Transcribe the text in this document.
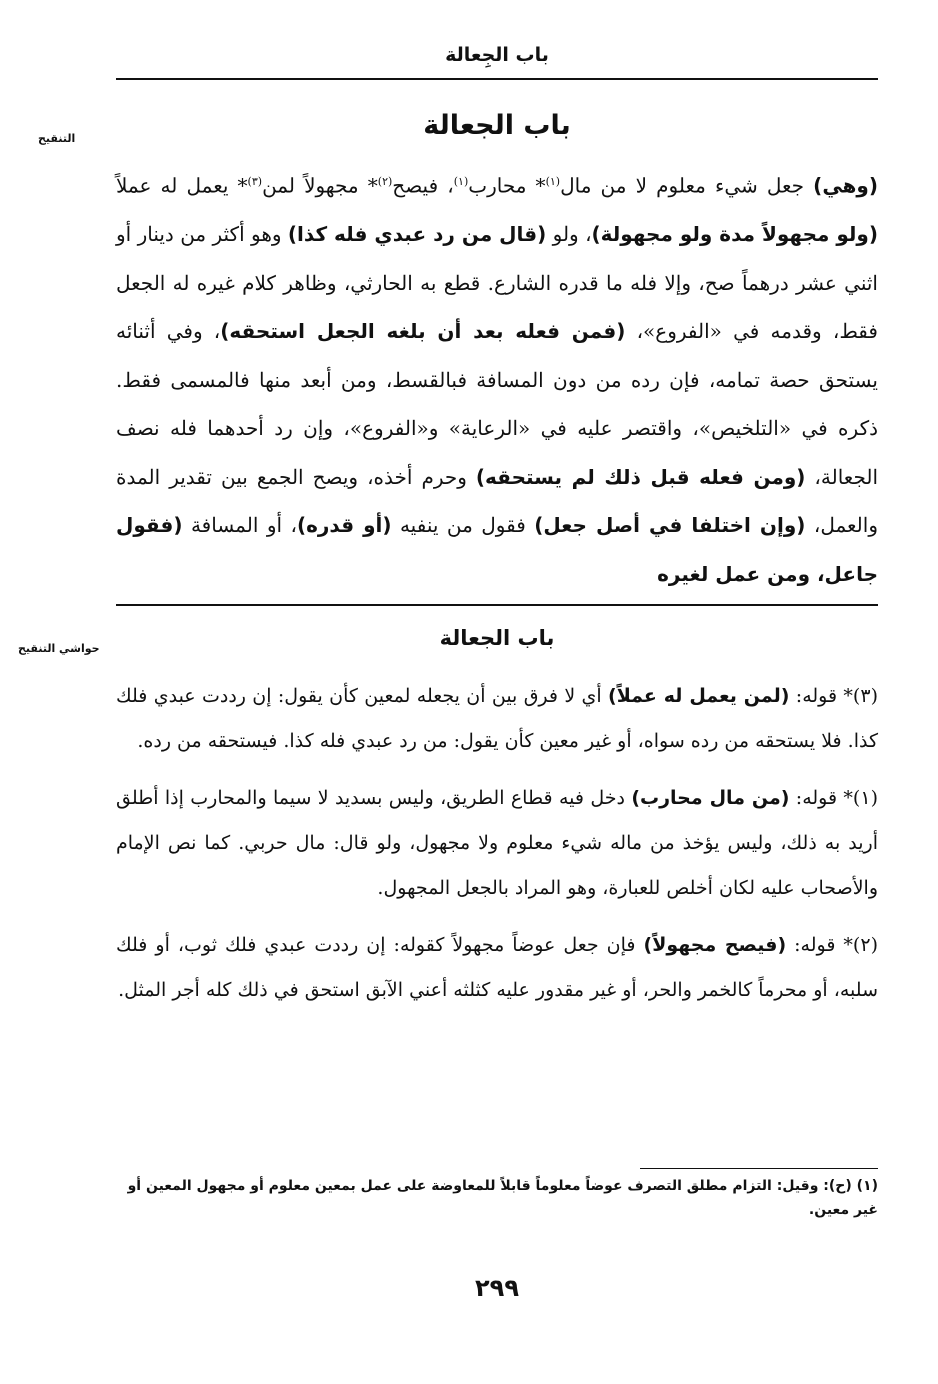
باب الجِعالة
التنقيح
حواشي التنقيح
باب الجعالة

(وهي) جعل شيء معلوم لا من مال$^{(١)}$* محارب$^{(١)}$، فيصح$^{(٢)}$* مجهولاً لمن$^{(٣)}$* يعمل له عملاً (ولو مجهولاً مدة ولو مجهولة)، ولو (قال من رد عبدي فله كذا) وهو أكثر من دينار أو اثني عشر درهماً صح، وإلا فله ما قدره الشارع. قطع به الحارثي، وظاهر كلام غيره له الجعل فقط، وقدمه في «الفروع»، (فمن فعله بعد أن بلغه الجعل استحقه)، وفي أثنائه يستحق حصة تمامه، فإن رده من دون المسافة فبالقسط، ومن أبعد منها فالمسمى فقط. ذكره في «التلخيص»، واقتصر عليه في «الرعاية» و«الفروع»، وإن رد أحدهما فله نصف الجعالة، (ومن فعله قبل ذلك لم يستحقه) وحرم أخذه، ويصح الجمع بين تقدير المدة والعمل، (وإن اختلفا في أصل جعل) فقول من ينفيه (أو قدره)، أو المسافة (فقول جاعل، ومن عمل لغيره

باب الجعالة

(٣)* قوله: (لمن يعمل له عملاً) أي لا فرق بين أن يجعله لمعين كأن يقول: إن رددت عبدي فلك كذا. فلا يستحقه من رده سواه، أو غير معين كأن يقول: من رد عبدي فله كذا. فيستحقه من رده.

(١)* قوله: (من مال محارب) دخل فيه قطاع الطريق، وليس بسديد لا سيما والمحارب إذا أطلق أريد به ذلك، وليس يؤخذ من ماله شيء معلوم ولا مجهول، ولو قال: مال حربي. كما نص الإمام والأصحاب عليه لكان أخلص للعبارة، وهو المراد بالجعل المجهول.

(٢)* قوله: (فيصح مجهولاً) فإن جعل عوضاً مجهولاً كقوله: إن رددت عبدي فلك ثوب، أو فلك سلبه، أو محرماً كالخمر والحر، أو غير مقدور عليه كثلثه أعني الآبق استحق في ذلك كله أجر المثل.

(١) (ح): وقيل: التزام مطلق التصرف عوضاً معلوماً قابلاً للمعاوضة على عمل بمعين معلوم أو مجهول المعين أو غير معين.
٢٩٩
